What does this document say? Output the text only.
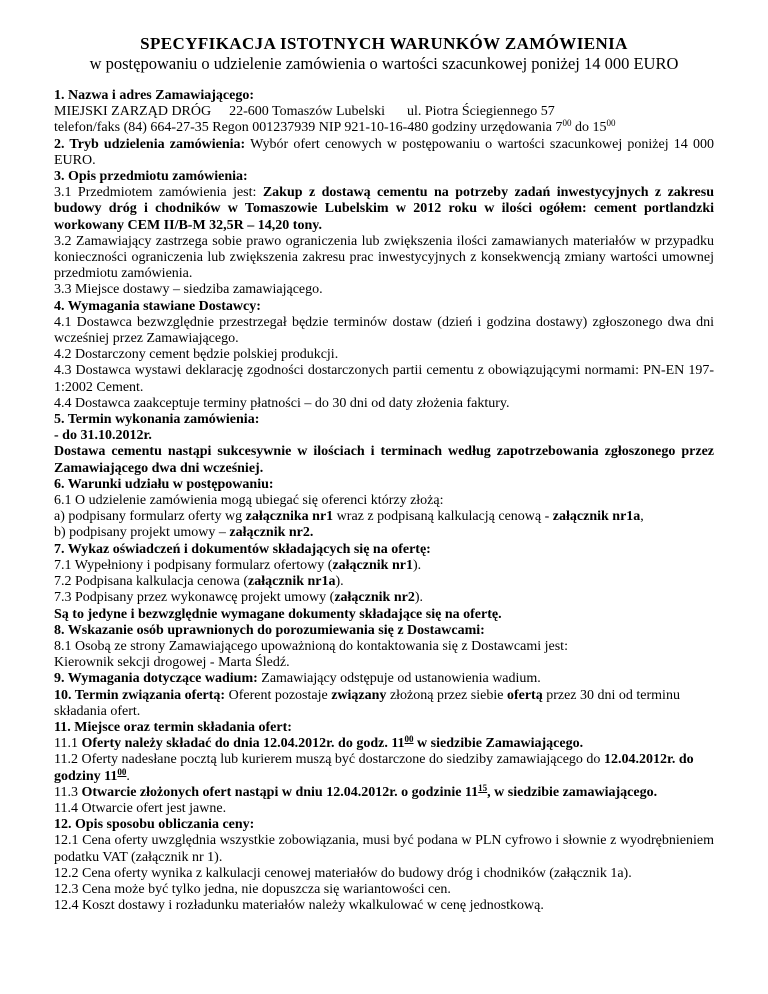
SPECYFIKACJA ISTOTNYCH WARUNKÓW ZAMÓWIENIA
w postępowaniu o udzielenie zamówienia o wartości szacunkowej poniżej 14 000 EURO

1. Nazwa i adres Zamawiającego:

MIEJSKI ZARZĄD DRÓG 22-600 Tomaszów Lubelski ul. Piotra Ściegiennego 57

telefon/faks (84) 664-27-35 Regon 001237939 NIP 921-10-16-480 godziny urzędowania $7^{00}$ do $15^{00}$

2. Tryb udzielenia zamówienia: Wybór ofert cenowych w postępowaniu o wartości szacunkowej poniżej 14 000 EURO.

3. Opis przedmiotu zamówienia:

3.1 Przedmiotem zamówienia jest: Zakup z dostawą cementu na potrzeby zadań inwestycyjnych z zakresu budowy dróg i chodników w Tomaszowie Lubelskim w 2012 roku w ilości ogółem: cement portlandzki workowany CEM II/B-M 32,5R – 14,20 tony.

3.2 Zamawiający zastrzega sobie prawo ograniczenia lub zwiększenia ilości zamawianych materiałów w przypadku konieczności ograniczenia lub zwiększenia zakresu prac inwestycyjnych z konsekwencją zmiany wartości umownej przedmiotu zamówienia.

3.3 Miejsce dostawy – siedziba zamawiającego.

4. Wymagania stawiane Dostawcy:

4.1 Dostawca bezwzględnie przestrzegał będzie terminów dostaw (dzień i godzina dostawy) zgłoszonego dwa dni wcześniej przez Zamawiającego.

4.2 Dostarczony cement będzie polskiej produkcji.

4.3 Dostawca wystawi deklarację zgodności dostarczonych partii cementu z obowiązującymi normami: PN-EN 197-1:2002 Cement.

4.4 Dostawca zaakceptuje terminy płatności – do 30 dni od daty złożenia faktury.

5. Termin wykonania zamówienia:

- do 31.10.2012r.

Dostawa cementu nastąpi sukcesywnie w ilościach i terminach według zapotrzebowania zgłoszonego przez Zamawiającego dwa dni wcześniej.

6. Warunki udziału w postępowaniu:

6.1 O udzielenie zamówienia mogą ubiegać się oferenci którzy złożą:

a) podpisany formularz oferty wg załącznika nr1 wraz z podpisaną kalkulacją cenową - załącznik nr1a,

b) podpisany projekt umowy – załącznik nr2.

7. Wykaz oświadczeń i dokumentów składających się na ofertę:

7.1 Wypełniony i podpisany formularz ofertowy (załącznik nr1).

7.2 Podpisana kalkulacja cenowa (załącznik nr1a).

7.3 Podpisany przez wykonawcę projekt umowy (załącznik nr2).

Są to jedyne i bezwzględnie wymagane dokumenty składające się na ofertę.

8. Wskazanie osób uprawnionych do porozumiewania się z Dostawcami:

8.1 Osobą ze strony Zamawiającego upoważnioną do kontaktowania się z Dostawcami jest:

Kierownik sekcji drogowej - Marta Śledź.

9. Wymagania dotyczące wadium: Zamawiający odstępuje od ustanowienia wadium.

10. Termin związania ofertą: Oferent pozostaje związany złożoną przez siebie ofertą przez 30 dni od terminu składania ofert.

11. Miejsce oraz termin składania ofert:

11.1 Oferty należy składać do dnia 12.04.2012r. do godz. $11^{00}$ w siedzibie Zamawiającego.

11.2 Oferty nadesłane pocztą lub kurierem muszą być dostarczone do siedziby zamawiającego do 12.04.2012r. do godziny $11^{00}$.

11.3 Otwarcie złożonych ofert nastąpi w dniu 12.04.2012r. o godzinie $11^{15}$, w siedzibie zamawiającego.

11.4 Otwarcie ofert jest jawne.

12. Opis sposobu obliczania ceny:

12.1 Cena oferty uwzględnia wszystkie zobowiązania, musi być podana w PLN cyfrowo i słownie z wyodrębnieniem podatku VAT (załącznik nr 1).

12.2 Cena oferty wynika z kalkulacji cenowej materiałów do budowy dróg i chodników (załącznik 1a).

12.3 Cena może być tylko jedna, nie dopuszcza się wariantowości cen.

12.4 Koszt dostawy i rozładunku materiałów należy wkalkulować w cenę jednostkową.
